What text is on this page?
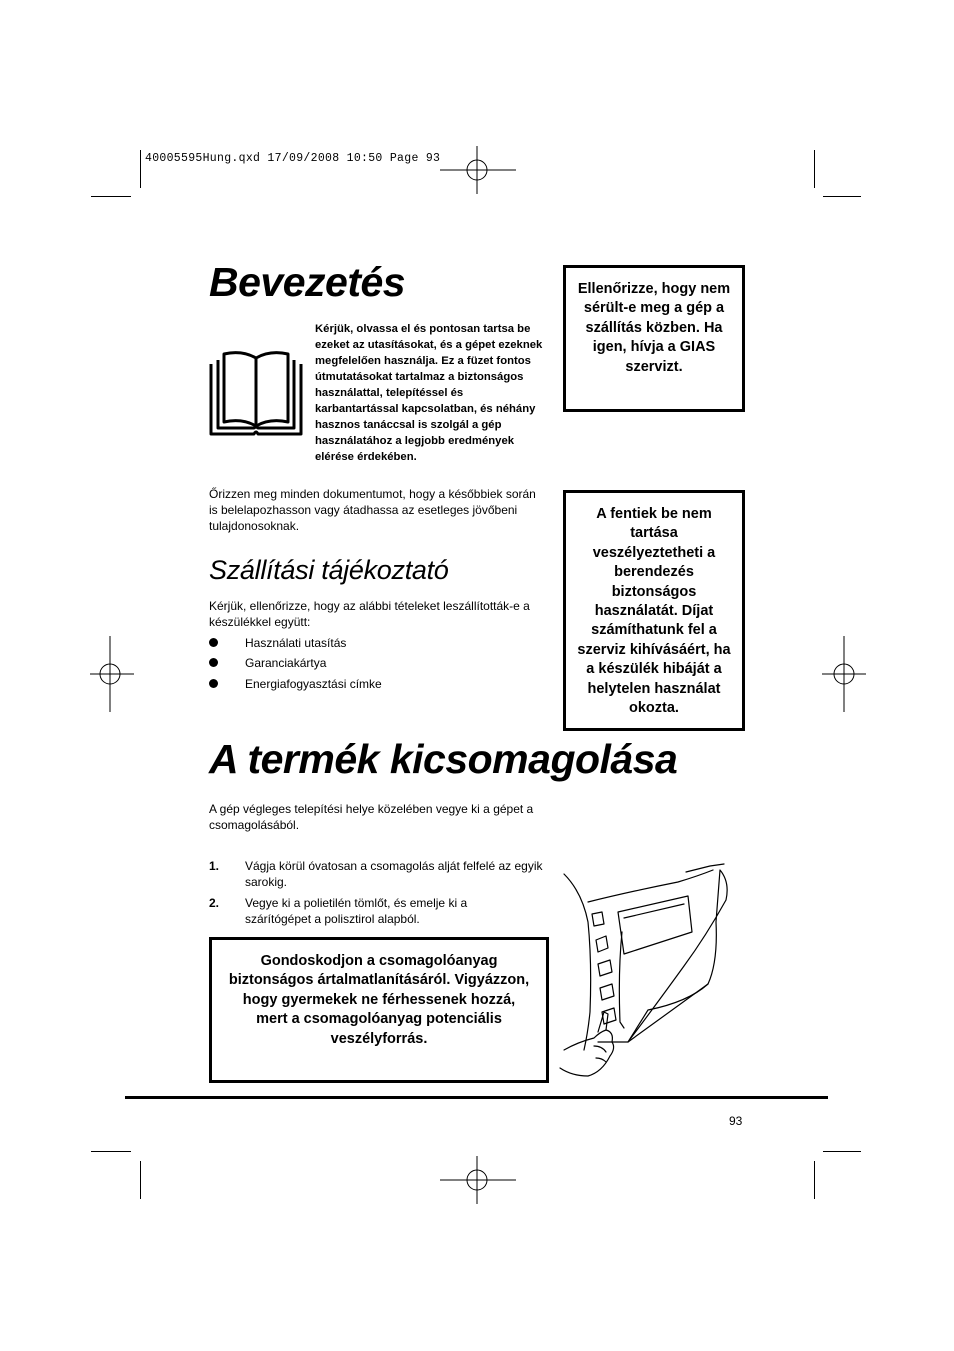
40005595Hung.qxd 17/09/2008 10:50 Page 93
Bevezetés
Kérjük, olvassa el és pontosan tartsa be ezeket az utasításokat, és a gépet ezeknek megfelelően használja. Ez a füzet fontos útmutatásokat tartalmaz a biztonságos használattal, telepítéssel és karbantartással kapcsolatban, és néhány hasznos tanáccsal is szolgál a gép használatához a legjobb eredmények elérése érdekében.
Őrizzen meg minden dokumentumot, hogy a későbbiek során is belelapozhasson vagy átadhassa az esetleges jövőbeni tulajdonosoknak.
Ellenőrizze, hogy nem sérült-e meg a gép a szállítás közben. Ha igen, hívja a GIAS szervizt.
Szállítási tájékoztató
Kérjük, ellenőrizze, hogy az alábbi tételeket leszállították-e a készülékkel együtt:
Használati utasítás
Garanciakártya
Energiafogyasztási címke
A fentiek be nem tartása veszélyeztetheti a berendezés biztonságos használatát. Díjat számíthatunk fel a szerviz kihívásáért, ha a készülék hibáját a helytelen használat okozta.
A termék kicsomagolása
A gép végleges telepítési helye közelében vegye ki a gépet a csomagolásából.
1. Vágja körül óvatosan a csomagolás alját felfelé az egyik sarokig.
2. Vegye ki a polietilén tömlőt, és emelje ki a szárítógépet a polisztirol alapból.
Gondoskodjon a csomagolóanyag biztonságos ártalmatlanításáról. Vigyázzon, hogy gyermekek ne férhessenek hozzá, mert a csomagolóanyag potenciális veszélyforrás.
93
